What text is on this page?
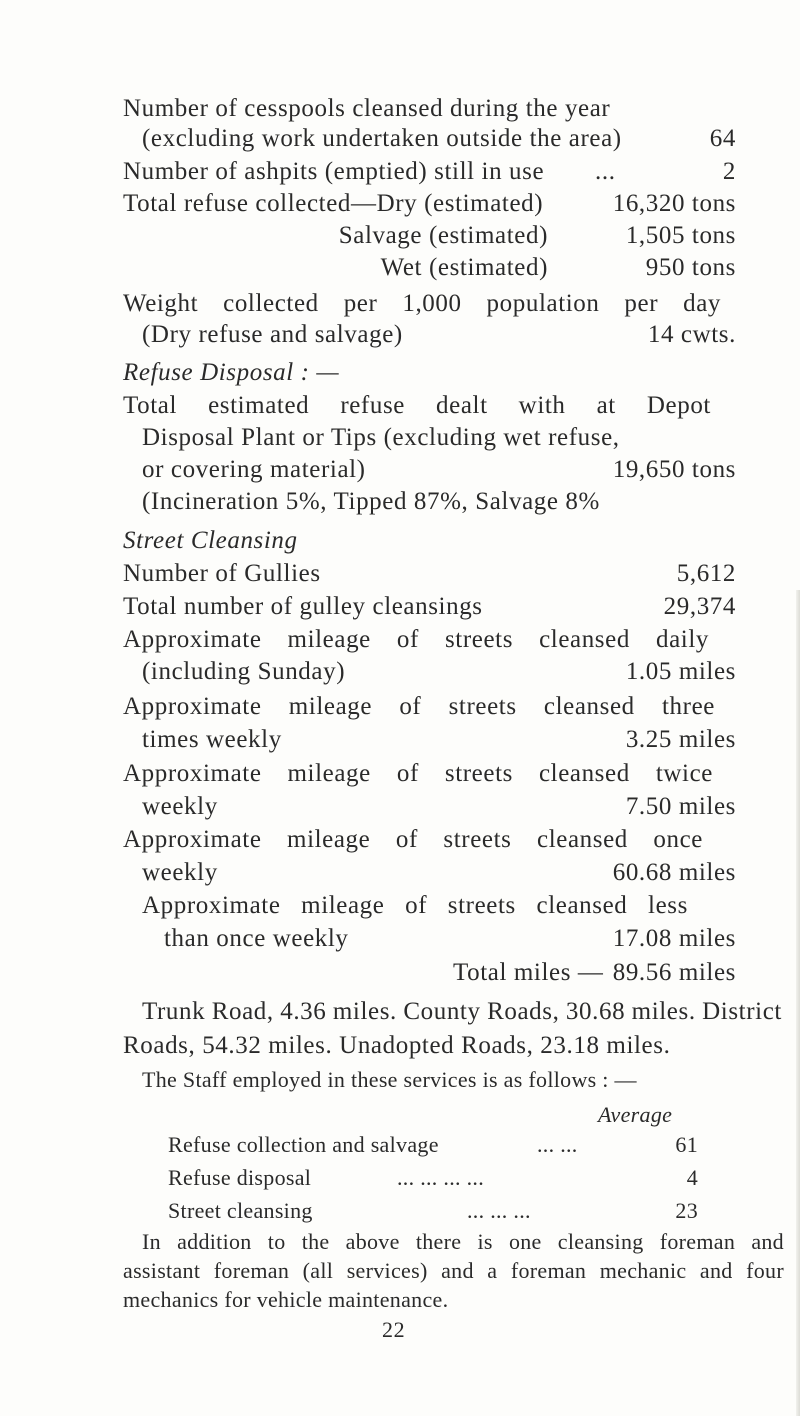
Number of cesspools cleansed during the year
(excluding work undertaken outside the area)	64
Number of ashpits (emptied) still in use ...	2
Total refuse collected—Dry (estimated)	16,320 tons
Salvage (estimated)	1,505 tons
Wet (estimated)	950 tons
Weight collected per 1,000 population per day
(Dry refuse and salvage)	14 cwts.
Refuse Disposal : —
Total estimated refuse dealt with at Depot
Disposal Plant or Tips (excluding wet refuse,
or covering material)	19,650 tons
(Incineration 5%, Tipped 87%, Salvage 8%
Street Cleansing
Number of Gullies	5,612
Total number of gulley cleansings	29,374
Approximate mileage of streets cleansed daily
(including Sunday)	1.05 miles
Approximate mileage of streets cleansed three
times weekly	3.25 miles
Approximate mileage of streets cleansed twice
weekly	7.50 miles
Approximate mileage of streets cleansed once
weekly	60.68 miles
Approximate mileage of streets cleansed less
than once weekly	17.08 miles
Total miles — 89.56 miles
Trunk Road, 4.36 miles. County Roads, 30.68 miles. District
Roads, 54.32 miles. Unadopted Roads, 23.18 miles.
The Staff employed in these services is as follows : —
Average
Refuse collection and salvage	... ...	61
Refuse disposal	... ... ... ...	4
Street cleansing	... ... ...	23
In addition to the above there is one cleansing foreman and
assistant foreman (all services) and a foreman mechanic and four
mechanics for vehicle maintenance.
22
